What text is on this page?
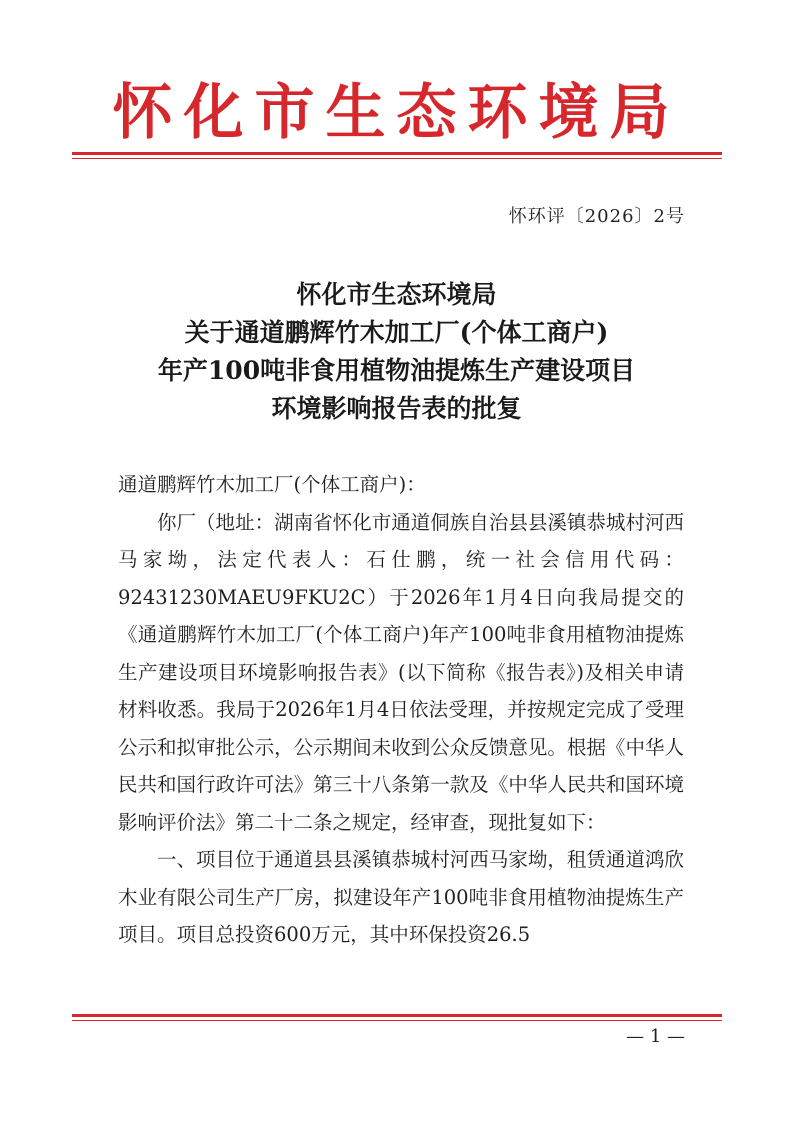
怀化市生态环境局
怀环评〔2026〕2号
怀化市生态环境局
关于通道鹏辉竹木加工厂(个体工商户)
年产100吨非食用植物油提炼生产建设项目
环境影响报告表的批复
通道鹏辉竹木加工厂(个体工商户)：

你厂（地址：湖南省怀化市通道侗族自治县县溪镇恭城村河西马家坳，法定代表人：石仕鹏，统一社会信用代码：92431230MAEU9FKU2C）于2026年1月4日向我局提交的《通道鹏辉竹木加工厂(个体工商户)年产100吨非食用植物油提炼生产建设项目环境影响报告表》(以下简称《报告表》)及相关申请材料收悉。我局于2026年1月4日依法受理，并按规定完成了受理公示和拟审批公示，公示期间未收到公众反馈意见。根据《中华人民共和国行政许可法》第三十八条第一款及《中华人民共和国环境影响评价法》第二十二条之规定，经审查，现批复如下：

一、项目位于通道县县溪镇恭城村河西马家坳，租赁通道鸿欣木业有限公司生产厂房，拟建设年产100吨非食用植物油提炼生产项目。项目总投资600万元，其中环保投资26.5

— 1 —
